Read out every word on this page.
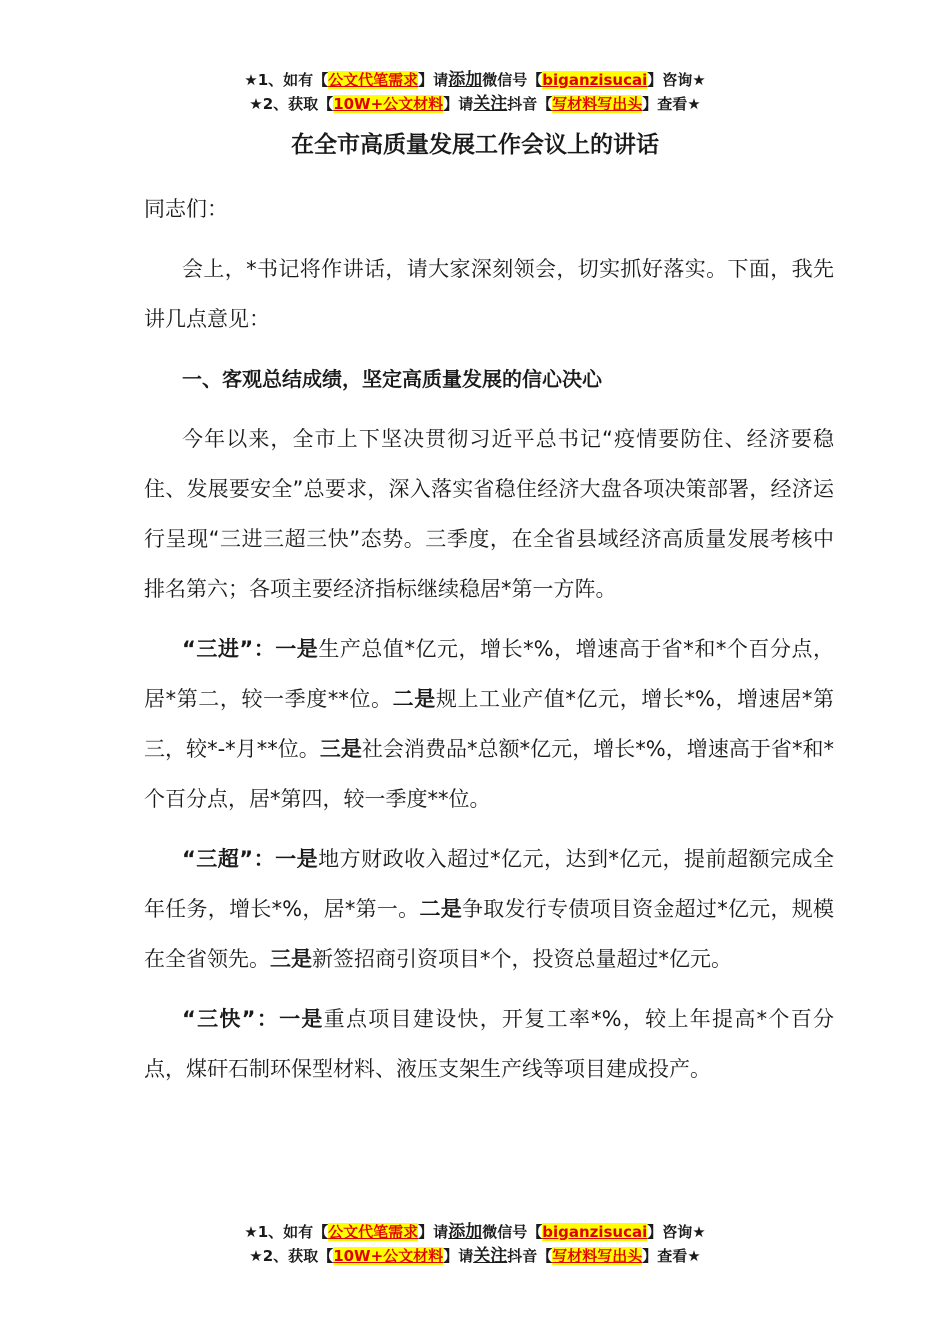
★1、如有【公文代笔需求】请添加微信号【biganzisucai】咨询★
★2、获取【10W+公文材料】请关注抖音【写材料写出头】查看★
在全市高质量发展工作会议上的讲话

同志们：

会上，*书记将作讲话，请大家深刻领会，切实抓好落实。下面，我先讲几点意见：

一、客观总结成绩，坚定高质量发展的信心决心

今年以来，全市上下坚决贯彻习近平总书记“疫情要防住、经济要稳住、发展要安全”总要求，深入落实省稳住经济大盘各项决策部署，经济运行呈现“三进三超三快”态势。三季度，在全省县域经济高质量发展考核中排名第六；各项主要经济指标继续稳居*第一方阵。

“三进”：一是生产总值*亿元，增长*%，增速高于省*和*个百分点，居*第二，较一季度**位。二是规上工业产值*亿元，增长*%，增速居*第三，较*-*月**位。三是社会消费品*总额*亿元，增长*%，增速高于省*和*个百分点，居*第四，较一季度**位。

“三超”：一是地方财政收入超过*亿元，达到*亿元，提前超额完成全年任务，增长*%，居*第一。二是争取发行专债项目资金超过*亿元，规模在全省领先。三是新签招商引资项目*个，投资总量超过*亿元。

“三快”：一是重点项目建设快，开复工率*%，较上年提高*个百分点，煤矸石制环保型材料、液压支架生产线等项目建成投产。

★1、如有【公文代笔需求】请添加微信号【biganzisucai】咨询★
★2、获取【10W+公文材料】请关注抖音【写材料写出头】查看★
